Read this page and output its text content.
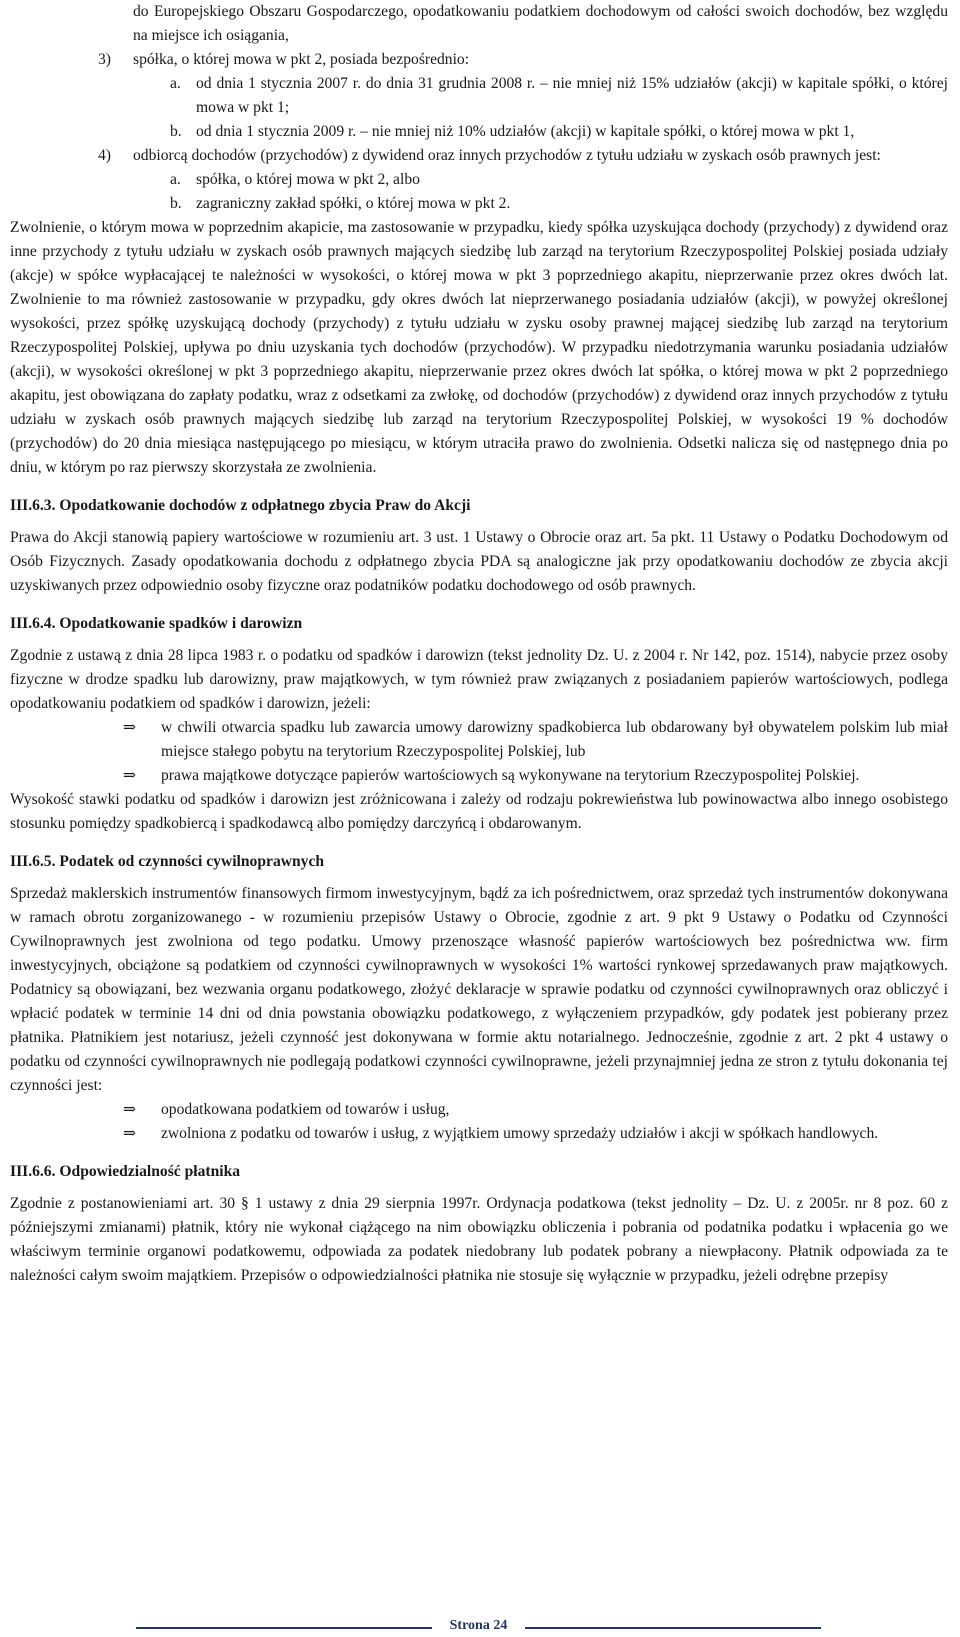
do Europejskiego Obszaru Gospodarczego, opodatkowaniu podatkiem dochodowym od całości swoich dochodów, bez względu na miejsce ich osiągania,

3) spółka, o której mowa w pkt 2, posiada bezpośrednio:

a. od dnia 1 stycznia 2007 r. do dnia 31 grudnia 2008 r. – nie mniej niż 15% udziałów (akcji) w kapitale spółki, o której mowa w pkt 1;

b. od dnia 1 stycznia 2009 r. – nie mniej niż 10% udziałów (akcji) w kapitale spółki, o której mowa w pkt 1,

4) odbiorcą dochodów (przychodów) z dywidend oraz innych przychodów z tytułu udziału w zyskach osób prawnych jest:

a. spółka, o której mowa w pkt 2, albo

b. zagraniczny zakład spółki, o której mowa w pkt 2.

Zwolnienie, o którym mowa w poprzednim akapicie, ma zastosowanie w przypadku, kiedy spółka uzyskująca dochody (przychody) z dywidend oraz inne przychody z tytułu udziału w zyskach osób prawnych mających siedzibę lub zarząd na terytorium Rzeczypospolitej Polskiej posiada udziały (akcje) w spółce wypłacającej te należności w wysokości, o której mowa w pkt 3 poprzedniego akapitu, nieprzerwanie przez okres dwóch lat. Zwolnienie to ma również zastosowanie w przypadku, gdy okres dwóch lat nieprzerwanego posiadania udziałów (akcji), w powyżej określonej wysokości, przez spółkę uzyskującą dochody (przychody) z tytułu udziału w zysku osoby prawnej mającej siedzibę lub zarząd na terytorium Rzeczypospolitej Polskiej, upływa po dniu uzyskania tych dochodów (przychodów). W przypadku niedotrzymania warunku posiadania udziałów (akcji), w wysokości określonej w pkt 3 poprzedniego akapitu, nieprzerwanie przez okres dwóch lat spółka, o której mowa w pkt 2 poprzedniego akapitu, jest obowiązana do zapłaty podatku, wraz z odsetkami za zwłokę, od dochodów (przychodów) z dywidend oraz innych przychodów z tytułu udziału w zyskach osób prawnych mających siedzibę lub zarząd na terytorium Rzeczypospolitej Polskiej, w wysokości 19 % dochodów (przychodów) do 20 dnia miesiąca następującego po miesiącu, w którym utraciła prawo do zwolnienia. Odsetki nalicza się od następnego dnia po dniu, w którym po raz pierwszy skorzystała ze zwolnienia.

III.6.3. Opodatkowanie dochodów z odpłatnego zbycia Praw do Akcji

Prawa do Akcji stanowią papiery wartościowe w rozumieniu art. 3 ust. 1 Ustawy o Obrocie oraz art. 5a pkt. 11 Ustawy o Podatku Dochodowym od Osób Fizycznych. Zasady opodatkowania dochodu z odpłatnego zbycia PDA są analogiczne jak przy opodatkowaniu dochodów ze zbycia akcji uzyskiwanych przez odpowiednio osoby fizyczne oraz podatników podatku dochodowego od osób prawnych.

III.6.4. Opodatkowanie spadków i darowizn

Zgodnie z ustawą z dnia 28 lipca 1983 r. o podatku od spadków i darowizn (tekst jednolity Dz. U. z 2004 r. Nr 142, poz. 1514), nabycie przez osoby fizyczne w drodze spadku lub darowizny, praw majątkowych, w tym również praw związanych z posiadaniem papierów wartościowych, podlega opodatkowaniu podatkiem od spadków i darowizn, jeżeli:

⇒ w chwili otwarcia spadku lub zawarcia umowy darowizny spadkobierca lub obdarowany był obywatelem polskim lub miał miejsce stałego pobytu na terytorium Rzeczypospolitej Polskiej, lub

⇒ prawa majątkowe dotyczące papierów wartościowych są wykonywane na terytorium Rzeczypospolitej Polskiej.

Wysokość stawki podatku od spadków i darowizn jest zróżnicowana i zależy od rodzaju pokrewieństwa lub powinowactwa albo innego osobistego stosunku pomiędzy spadkobiercą i spadkodawcą albo pomiędzy darczyńcą i obdarowanym.

III.6.5. Podatek od czynności cywilnoprawnych

Sprzedaż maklerskich instrumentów finansowych firmom inwestycyjnym, bądź za ich pośrednictwem, oraz sprzedaż tych instrumentów dokonywana w ramach obrotu zorganizowanego - w rozumieniu przepisów Ustawy o Obrocie, zgodnie z art. 9 pkt 9 Ustawy o Podatku od Czynności Cywilnoprawnych jest zwolniona od tego podatku. Umowy przenoszące własność papierów wartościowych bez pośrednictwa ww. firm inwestycyjnych, obciążone są podatkiem od czynności cywilnoprawnych w wysokości 1% wartości rynkowej sprzedawanych praw majątkowych. Podatnicy są obowiązani, bez wezwania organu podatkowego, złożyć deklaracje w sprawie podatku od czynności cywilnoprawnych oraz obliczyć i wpłacić podatek w terminie 14 dni od dnia powstania obowiązku podatkowego, z wyłączeniem przypadków, gdy podatek jest pobierany przez płatnika. Płatnikiem jest notariusz, jeżeli czynność jest dokonywana w formie aktu notarialnego. Jednocześnie, zgodnie z art. 2 pkt 4 ustawy o podatku od czynności cywilnoprawnych nie podlegają podatkowi czynności cywilnoprawne, jeżeli przynajmniej jedna ze stron z tytułu dokonania tej czynności jest:

⇒ opodatkowana podatkiem od towarów i usług,

⇒ zwolniona z podatku od towarów i usług, z wyjątkiem umowy sprzedaży udziałów i akcji w spółkach handlowych.

III.6.6. Odpowiedzialność płatnika

Zgodnie z postanowieniami art. 30 § 1 ustawy z dnia 29 sierpnia 1997r. Ordynacja podatkowa (tekst jednolity – Dz. U. z 2005r. nr 8 poz. 60 z późniejszymi zmianami) płatnik, który nie wykonał ciążącego na nim obowiązku obliczenia i pobrania od podatnika podatku i wpłacenia go we właściwym terminie organowi podatkowemu, odpowiada za podatek niedobrany lub podatek pobrany a niewpłacony. Płatnik odpowiada za te należności całym swoim majątkiem. Przepisów o odpowiedzialności płatnika nie stosuje się wyłącznie w przypadku, jeżeli odrębne przepisy

Strona 24
